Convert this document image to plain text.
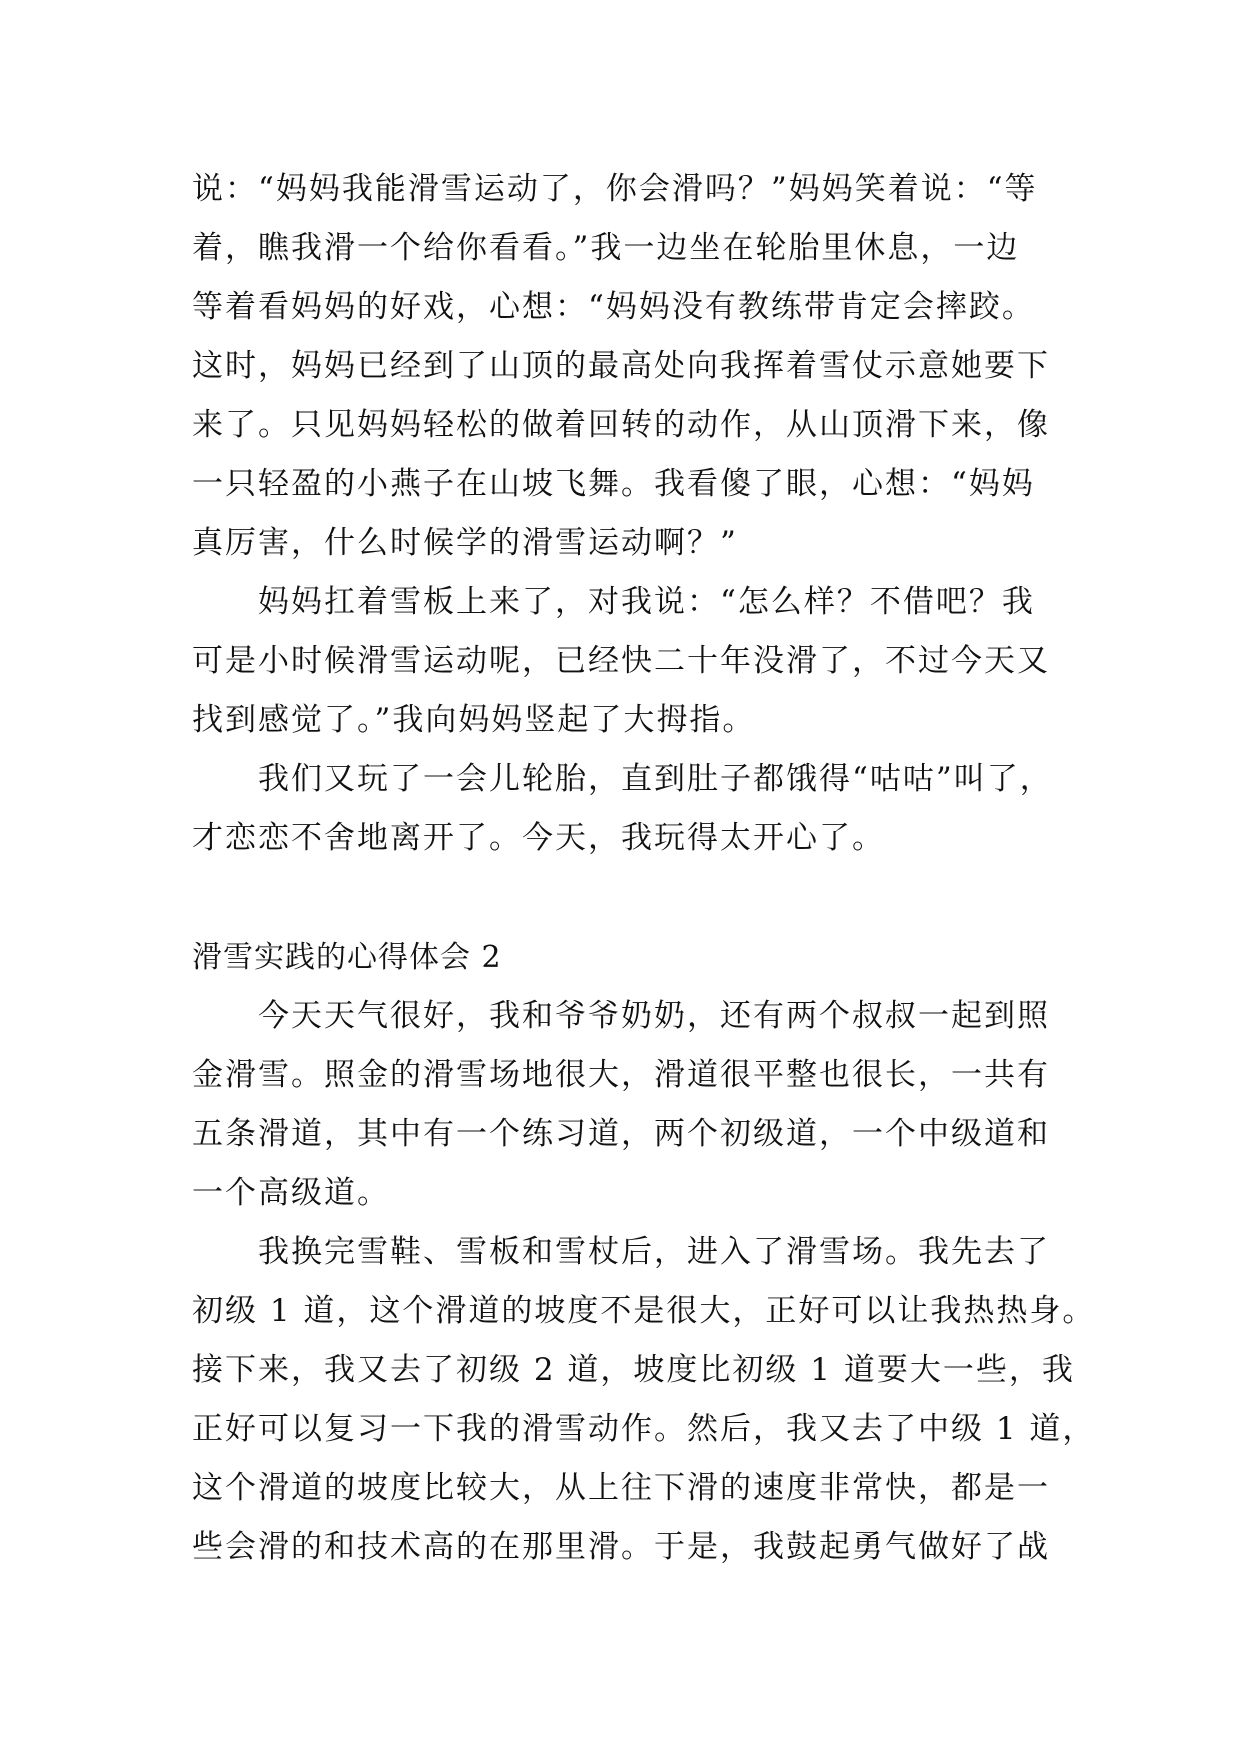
说：“妈妈我能滑雪运动了，你会滑吗？”妈妈笑着说：“等
着，瞧我滑一个给你看看。”我一边坐在轮胎里休息，一边
等着看妈妈的好戏，心想：“妈妈没有教练带肯定会摔跤。
这时，妈妈已经到了山顶的最高处向我挥着雪仗示意她要下
来了。只见妈妈轻松的做着回转的动作，从山顶滑下来，像
一只轻盈的小燕子在山坡飞舞。我看傻了眼，心想：“妈妈
真厉害，什么时候学的滑雪运动啊？”
妈妈扛着雪板上来了，对我说：“怎么样？不借吧？我
可是小时候滑雪运动呢，已经快二十年没滑了，不过今天又
找到感觉了。”我向妈妈竖起了大拇指。
我们又玩了一会儿轮胎，直到肚子都饿得“咕咕”叫了，
才恋恋不舍地离开了。今天，我玩得太开心了。
滑雪实践的心得体会 2
今天天气很好，我和爷爷奶奶，还有两个叔叔一起到照
金滑雪。照金的滑雪场地很大，滑道很平整也很长，一共有
五条滑道，其中有一个练习道，两个初级道，一个中级道和
一个高级道。
我换完雪鞋、雪板和雪杖后，进入了滑雪场。我先去了
初级 1 道，这个滑道的坡度不是很大，正好可以让我热热身。
接下来，我又去了初级 2 道，坡度比初级 1 道要大一些，我
正好可以复习一下我的滑雪动作。然后，我又去了中级 1 道，
这个滑道的坡度比较大，从上往下滑的速度非常快，都是一
些会滑的和技术高的在那里滑。于是，我鼓起勇气做好了战
